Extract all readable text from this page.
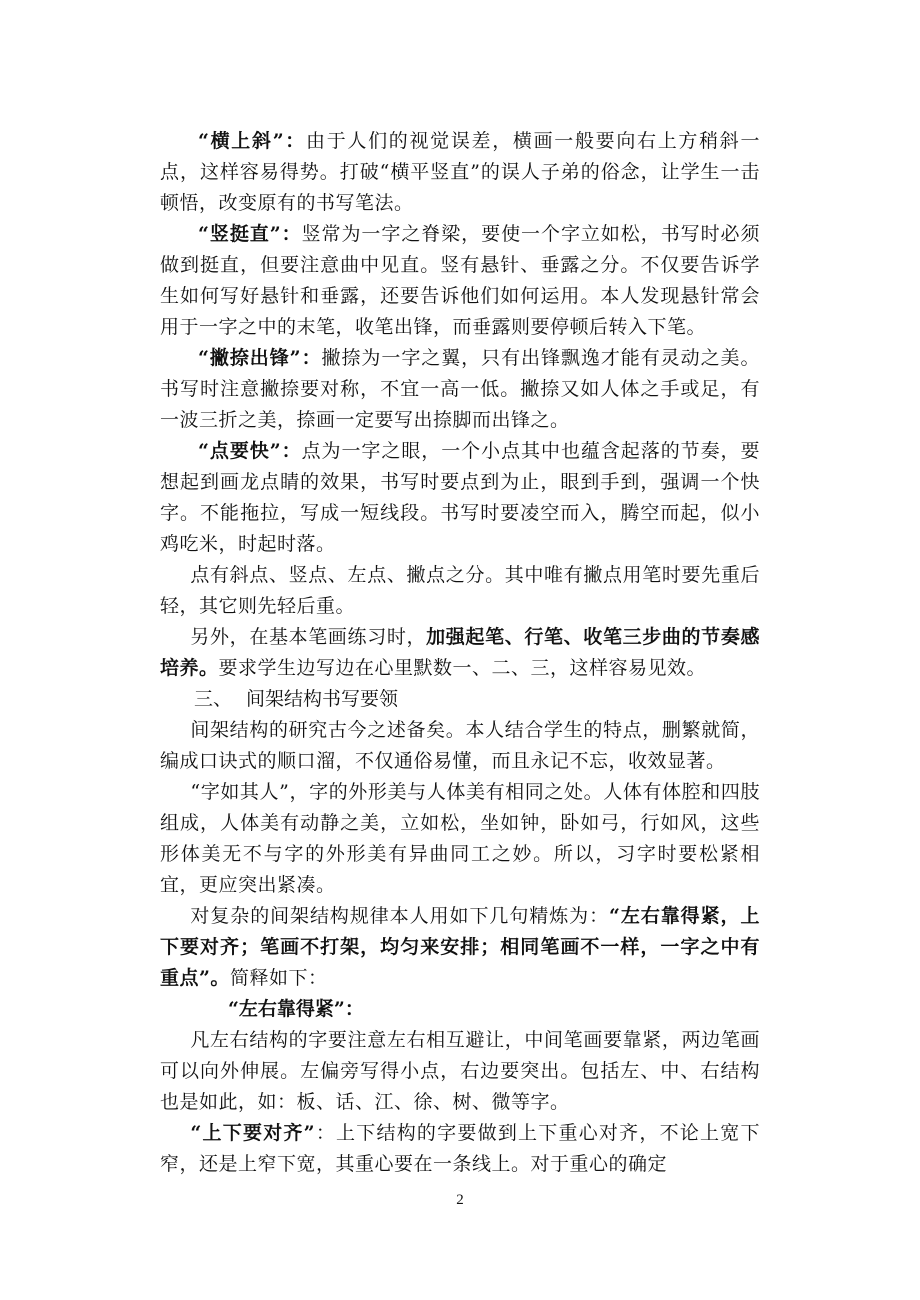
“横上斜”：由于人们的视觉误差，横画一般要向右上方稍斜一点，这样容易得势。打破“横平竖直”的误人子弟的俗念，让学生一击顿悟，改变原有的书写笔法。

“竖挺直”：竖常为一字之脊梁，要使一个字立如松，书写时必须做到挺直，但要注意曲中见直。竖有悬针、垂露之分。不仅要告诉学生如何写好悬针和垂露，还要告诉他们如何运用。本人发现悬针常会用于一字之中的末笔，收笔出锋，而垂露则要停顿后转入下笔。

“撇捺出锋”：撇捺为一字之翼，只有出锋飘逸才能有灵动之美。书写时注意撇捺要对称，不宜一高一低。撇捺又如人体之手或足，有一波三折之美，捺画一定要写出捺脚而出锋之。

“点要快”：点为一字之眼，一个小点其中也蕴含起落的节奏，要想起到画龙点睛的效果，书写时要点到为止，眼到手到，强调一个快字。不能拖拉，写成一短线段。书写时要凌空而入，腾空而起，似小鸡吃米，时起时落。

点有斜点、竖点、左点、撇点之分。其中唯有撇点用笔时要先重后轻，其它则先轻后重。

另外，在基本笔画练习时，加强起笔、行笔、收笔三步曲的节奏感培养。要求学生边写边在心里默数一、二、三，这样容易见效。

三、 间架结构书写要领

间架结构的研究古今之述备矣。本人结合学生的特点，删繁就简，编成口诀式的顺口溜，不仅通俗易懂，而且永记不忘，收效显著。

“字如其人”，字的外形美与人体美有相同之处。人体有体腔和四肢组成，人体美有动静之美，立如松，坐如钟，卧如弓，行如风，这些形体美无不与字的外形美有异曲同工之妙。所以，习字时要松紧相宜，更应突出紧凑。

对复杂的间架结构规律本人用如下几句精炼为：“左右靠得紧，上下要对齐；笔画不打架，均匀来安排；相同笔画不一样，一字之中有重点”。简释如下：

“左右靠得紧”：

凡左右结构的字要注意左右相互避让，中间笔画要靠紧，两边笔画可以向外伸展。左偏旁写得小点，右边要突出。包括左、中、右结构也是如此，如：板、话、江、徐、树、微等字。

“上下要对齐”：上下结构的字要做到上下重心对齐，不论上宽下窄，还是上窄下宽，其重心要在一条线上。对于重心的确定

2
